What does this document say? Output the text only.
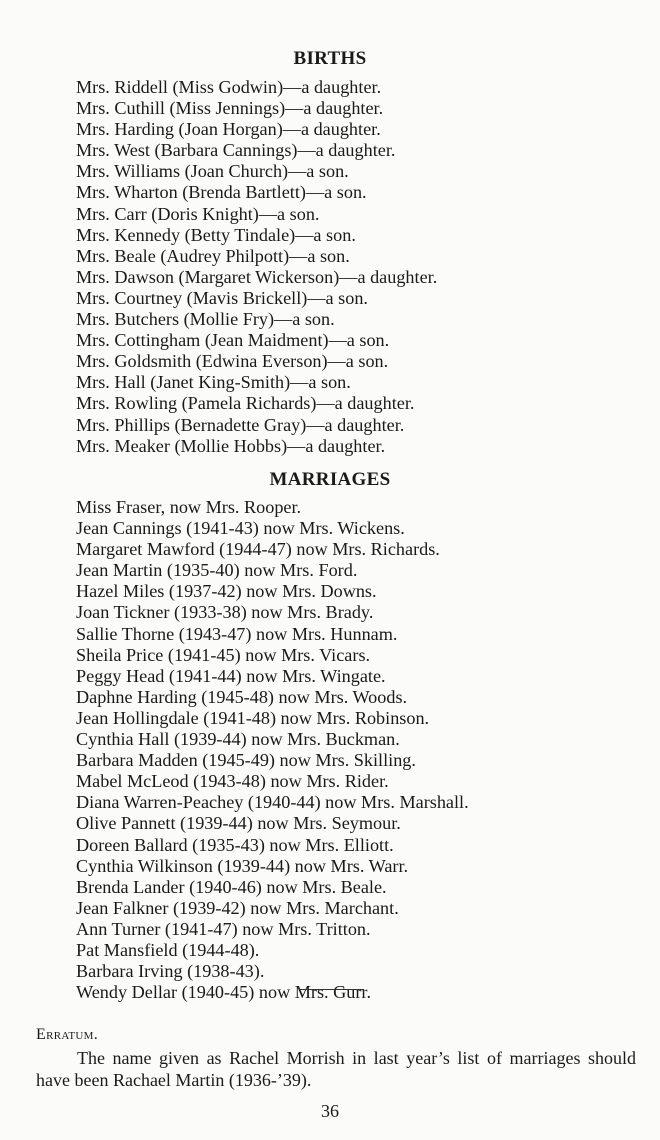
BIRTHS
Mrs. Riddell (Miss Godwin)—a daughter.
Mrs. Cuthill (Miss Jennings)—a daughter.
Mrs. Harding (Joan Horgan)—a daughter.
Mrs. West (Barbara Cannings)—a daughter.
Mrs. Williams (Joan Church)—a son.
Mrs. Wharton (Brenda Bartlett)—a son.
Mrs. Carr (Doris Knight)—a son.
Mrs. Kennedy (Betty Tindale)—a son.
Mrs. Beale (Audrey Philpott)—a son.
Mrs. Dawson (Margaret Wickerson)—a daughter.
Mrs. Courtney (Mavis Brickell)—a son.
Mrs. Butchers (Mollie Fry)—a son.
Mrs. Cottingham (Jean Maidment)—a son.
Mrs. Goldsmith (Edwina Everson)—a son.
Mrs. Hall (Janet King-Smith)—a son.
Mrs. Rowling (Pamela Richards)—a daughter.
Mrs. Phillips (Bernadette Gray)—a daughter.
Mrs. Meaker (Mollie Hobbs)—a daughter.
MARRIAGES
Miss Fraser, now Mrs. Rooper.
Jean Cannings (1941-43) now Mrs. Wickens.
Margaret Mawford (1944-47) now Mrs. Richards.
Jean Martin (1935-40) now Mrs. Ford.
Hazel Miles (1937-42) now Mrs. Downs.
Joan Tickner (1933-38) now Mrs. Brady.
Sallie Thorne (1943-47) now Mrs. Hunnam.
Sheila Price (1941-45) now Mrs. Vicars.
Peggy Head (1941-44) now Mrs. Wingate.
Daphne Harding (1945-48) now Mrs. Woods.
Jean Hollingdale (1941-48) now Mrs. Robinson.
Cynthia Hall (1939-44) now Mrs. Buckman.
Barbara Madden (1945-49) now Mrs. Skilling.
Mabel McLeod (1943-48) now Mrs. Rider.
Diana Warren-Peachey (1940-44) now Mrs. Marshall.
Olive Pannett (1939-44) now Mrs. Seymour.
Doreen Ballard (1935-43) now Mrs. Elliott.
Cynthia Wilkinson (1939-44) now Mrs. Warr.
Brenda Lander (1940-46) now Mrs. Beale.
Jean Falkner (1939-42) now Mrs. Marchant.
Ann Turner (1941-47) now Mrs. Tritton.
Pat Mansfield (1944-48).
Barbara Irving (1938-43).
Wendy Dellar (1940-45) now Mrs. Gurr.
Erratum.

The name given as Rachel Morrish in last year’s list of marriages should have been Rachael Martin (1936-’39).

36
